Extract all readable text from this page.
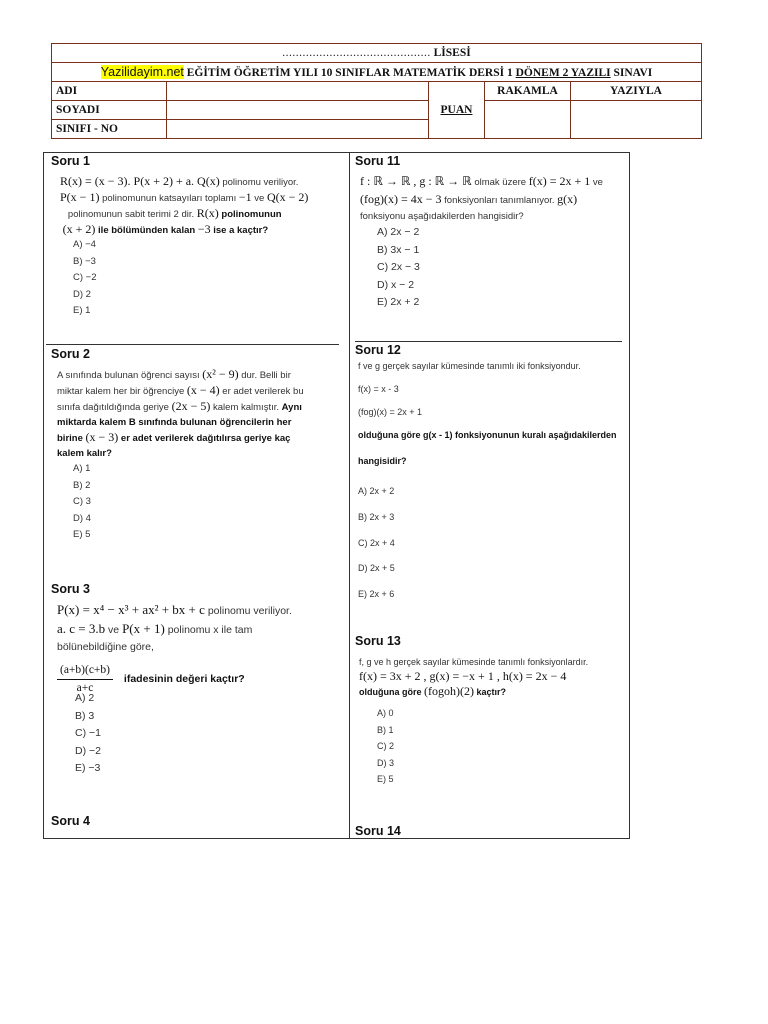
............................................ LİSESİ				
Yazilidayim.net EĞİTİM ÖĞRETİM YILI 10 SINIFLAR MATEMATİK DERSİ 1 DÖNEM 2 YAZILI SINAVI				
ADI		PUAN	RAKAMLA	YAZIYLA
SOYADI				
SINIFI - NO				
Soru 1
R(x) = (x − 3). P(x + 2) + a. Q(x) polinomu veriliyor.
P(x − 1) polinomunun katsayıları toplamı −1 ve Q(x − 2)
polinomunun sabit terimi 2 dir. R(x) polinomunun
(x + 2) ile bölümünden kalan −3 ise a kaçtır?
A) −4
B) −3
C) −2
D) 2
E) 1
Soru 2
A sınıfında bulunan öğrenci sayısı (x² − 9) dur. Belli bir
miktar kalem her bir öğrenciye (x − 4) er adet verilerek bu
sınıfa dağıtıldığında geriye (2x − 5) kalem kalmıştır. Aynı
miktarda kalem B sınıfında bulunan öğrencilerin her
birine (x − 3) er adet verilerek dağıtılırsa geriye kaç
kalem kalır?
A) 1
B) 2
C) 3
D) 4
E) 5
Soru 3
P(x) = x⁴ − x³ + ax² + bx + c polinomu veriliyor.
a. c = 3.b ve P(x + 1) polinomu x ile tam
bölünebildiğine göre,
$\frac{(a+b)(c+b)}{a+c}$ ifadesinin değeri kaçtır?
A) 2
B) 3
C) −1
D) −2
E) −3
Soru 4
Soru 11
f : ℝ → ℝ , g : ℝ → ℝ olmak üzere f(x) = 2x + 1 ve
(fog)(x) = 4x − 3 fonksiyonları tanımlanıyor. g(x)
fonksiyonu aşağıdakilerden hangisidir?
A) 2x − 2
B) 3x − 1
C) 2x − 3
D) x − 2
E) 2x + 2
Soru 12
f ve g gerçek sayılar kümesinde tanımlı iki fonksiyondur.
f(x) = x - 3
(fog)(x) = 2x + 1
olduğuna göre g(x - 1) fonksiyonunun kuralı aşağıdakilerden
hangisidir?
A) 2x + 2
B) 2x + 3
C) 2x + 4
D) 2x + 5
E) 2x + 6
Soru 13
f, g ve h gerçek sayılar kümesinde tanımlı fonksiyonlardır.
f(x) = 3x + 2 , g(x) = −x + 1 , h(x) = 2x − 4
olduğuna göre (fogoh)(2) kaçtır?
A) 0
B) 1
C) 2
D) 3
E) 5
Soru 14
